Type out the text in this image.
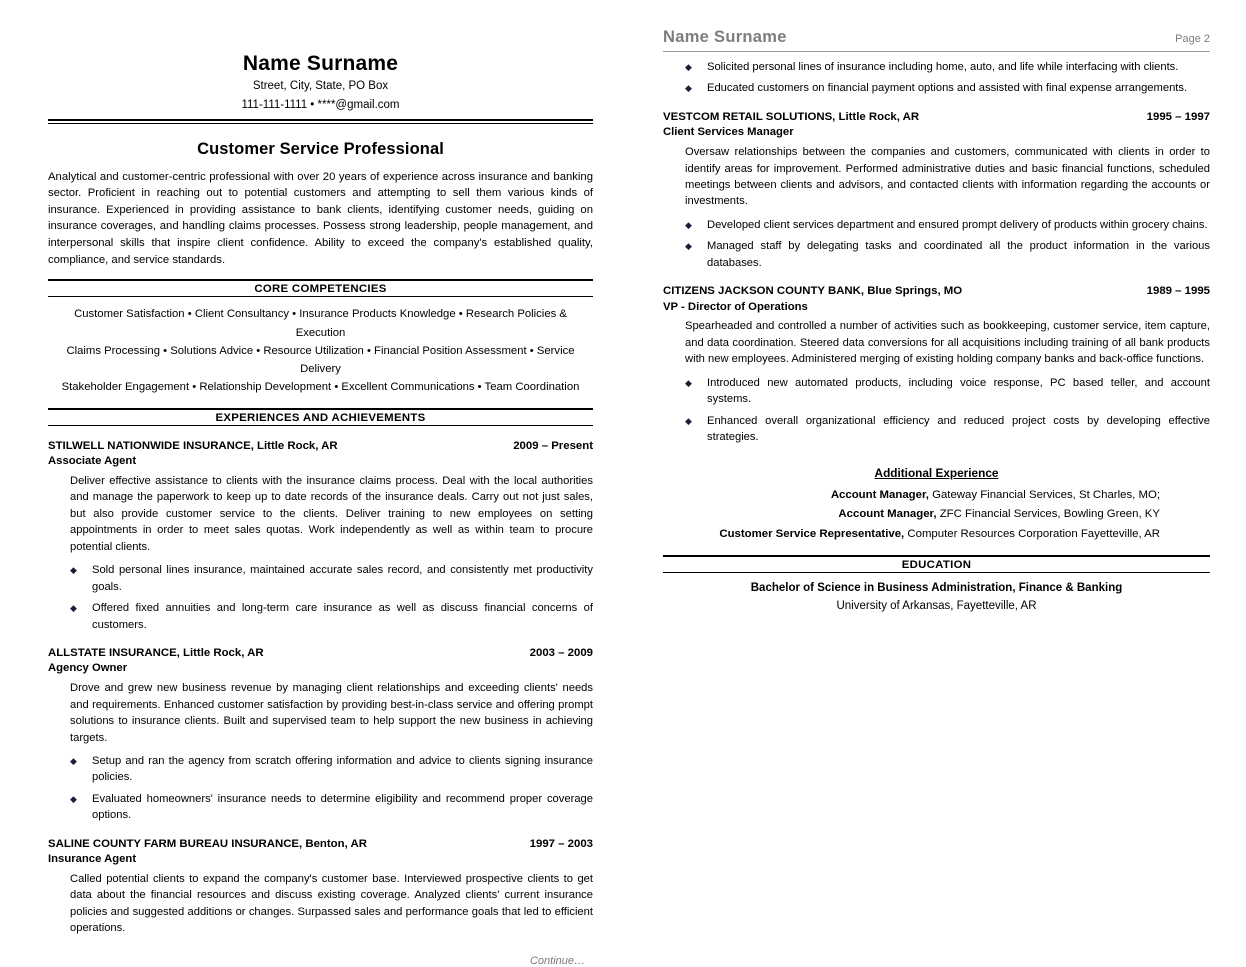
Name Surname
Street, City, State, PO Box
111-111-1111 • ****@gmail.com
Customer Service Professional
Analytical and customer-centric professional with over 20 years of experience across insurance and banking sector. Proficient in reaching out to potential customers and attempting to sell them various kinds of insurance. Experienced in providing assistance to bank clients, identifying customer needs, guiding on insurance coverages, and handling claims processes. Possess strong leadership, people management, and interpersonal skills that inspire client confidence. Ability to exceed the company's established quality, compliance, and service standards.
CORE COMPETENCIES
Customer Satisfaction • Client Consultancy • Insurance Products Knowledge • Research Policies & Execution
Claims Processing • Solutions Advice • Resource Utilization • Financial Position Assessment • Service Delivery
Stakeholder Engagement • Relationship Development • Excellent Communications • Team Coordination
EXPERIENCES AND ACHIEVEMENTS
STILWELL NATIONWIDE INSURANCE, Little Rock, AR	2009 – Present
Associate Agent
Deliver effective assistance to clients with the insurance claims process. Deal with the local authorities and manage the paperwork to keep up to date records of the insurance deals. Carry out not just sales, but also provide customer service to the clients. Deliver training to new employees on setting appointments in order to meet sales quotas. Work independently as well as within team to procure potential clients.
◆ Sold personal lines insurance, maintained accurate sales record, and consistently met productivity goals.
◆ Offered fixed annuities and long-term care insurance as well as discuss financial concerns of customers.
ALLSTATE INSURANCE, Little Rock, AR	2003 – 2009
Agency Owner
Drove and grew new business revenue by managing client relationships and exceeding clients' needs and requirements. Enhanced customer satisfaction by providing best-in-class service and offering prompt solutions to insurance clients. Built and supervised team to help support the new business in achieving targets.
◆ Setup and ran the agency from scratch offering information and advice to clients signing insurance policies.
◆ Evaluated homeowners' insurance needs to determine eligibility and recommend proper coverage options.
SALINE COUNTY FARM BUREAU INSURANCE, Benton, AR	1997 – 2003
Insurance Agent
Called potential clients to expand the company's customer base. Interviewed prospective clients to get data about the financial resources and discuss existing coverage. Analyzed clients' current insurance policies and suggested additions or changes. Surpassed sales and performance goals that led to efficient operations.
Continue…
Name Surname	Page 2
◆ Solicited personal lines of insurance including home, auto, and life while interfacing with clients.
◆ Educated customers on financial payment options and assisted with final expense arrangements.
VESTCOM RETAIL SOLUTIONS, Little Rock, AR	1995 – 1997
Client Services Manager
Oversaw relationships between the companies and customers, communicated with clients in order to identify areas for improvement. Performed administrative duties and basic financial functions, scheduled meetings between clients and advisors, and contacted clients with information regarding the accounts or investments.
◆ Developed client services department and ensured prompt delivery of products within grocery chains.
◆ Managed staff by delegating tasks and coordinated all the product information in the various databases.
CITIZENS JACKSON COUNTY BANK, Blue Springs, MO	1989 – 1995
VP - Director of Operations
Spearheaded and controlled a number of activities such as bookkeeping, customer service, item capture, and data coordination. Steered data conversions for all acquisitions including training of all bank products with new employees. Administered merging of existing holding company banks and back-office functions.
◆ Introduced new automated products, including voice response, PC based teller, and account systems.
◆ Enhanced overall organizational efficiency and reduced project costs by developing effective strategies.
Additional Experience
Account Manager, Gateway Financial Services, St Charles, MO;
Account Manager, ZFC Financial Services, Bowling Green, KY
Customer Service Representative, Computer Resources Corporation Fayetteville, AR
EDUCATION
Bachelor of Science in Business Administration, Finance & Banking
University of Arkansas, Fayetteville, AR
